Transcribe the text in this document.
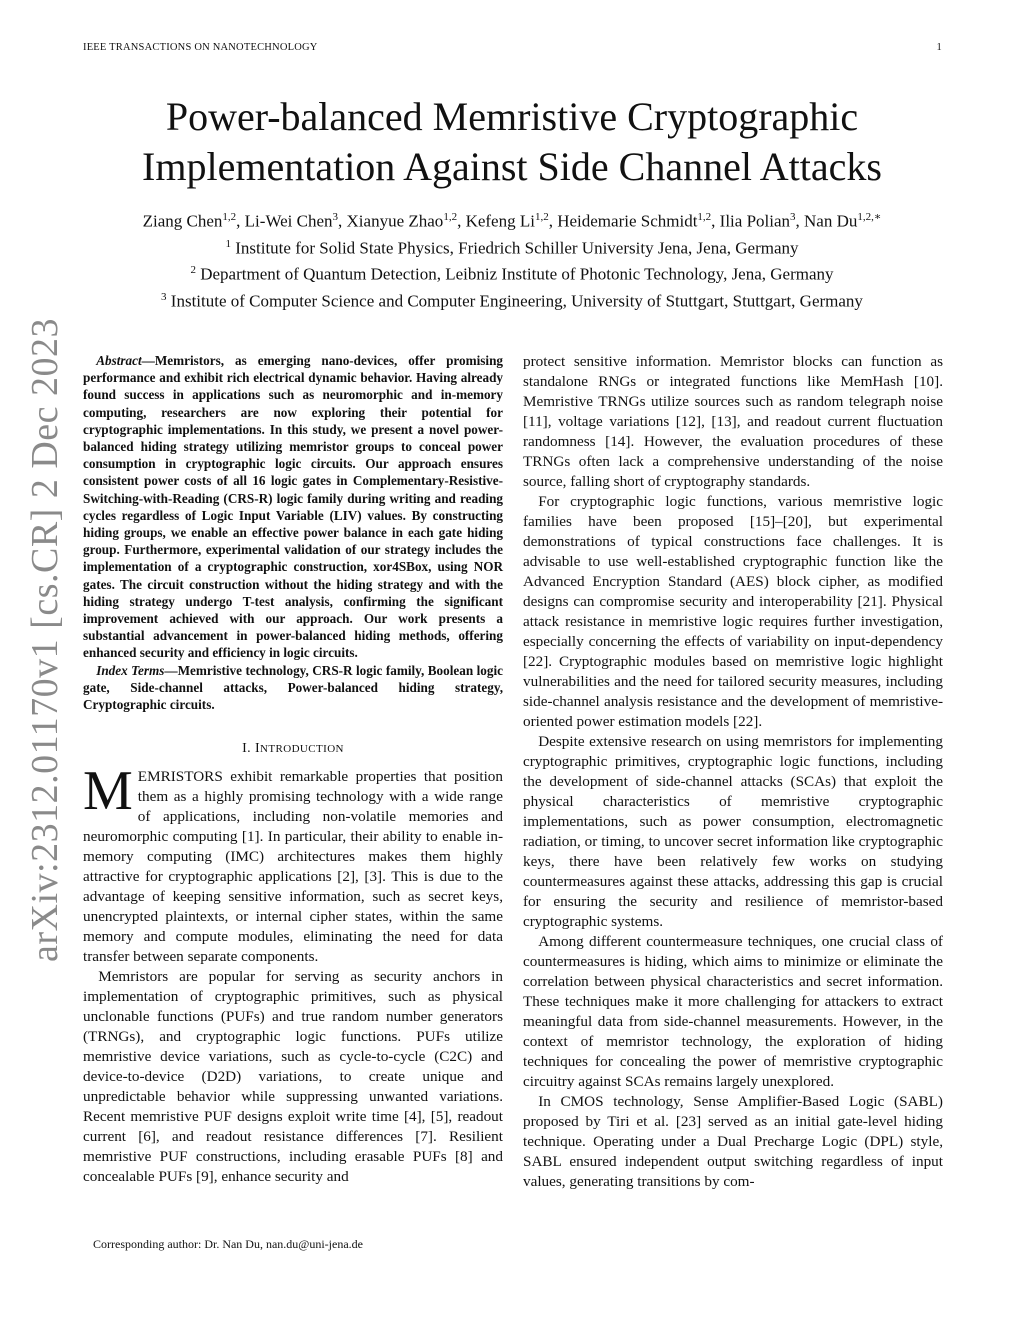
IEEE TRANSACTIONS ON NANOTECHNOLOGY	1
arXiv:2312.01170v1 [cs.CR] 2 Dec 2023
Power-balanced Memristive Cryptographic
Implementation Against Side Channel Attacks
Ziang Chen$^{1,2}$, Li-Wei Chen$^3$, Xianyue Zhao$^{1,2}$, Kefeng Li$^{1,2}$, Heidemarie Schmidt$^{1,2}$, Ilia Polian$^3$, Nan $Du^{1,2,∗}$
$^1$ Institute for Solid State Physics, Friedrich Schiller University Jena, Jena, Germany
$^2$ Department of Quantum Detection, Leibniz Institute of Photonic Technology, Jena, Germany
$^3$ Institute of Computer Science and Computer Engineering, University of Stuttgart, Stuttgart, Germany

Abstract—Memristors, as emerging nano-devices, offer promising performance and exhibit rich electrical dynamic behavior. Having already found success in applications such as neuromorphic and in-memory computing, researchers are now exploring their potential for cryptographic implementations. In this study, we present a novel power-balanced hiding strategy utilizing memristor groups to conceal power consumption in cryptographic logic circuits. Our approach ensures consistent power costs of all 16 logic gates in Complementary-Resistive-Switching-with-Reading (CRS-R) logic family during writing and reading cycles regardless of Logic Input Variable (LIV) values. By constructing hiding groups, we enable an effective power balance in each gate hiding group. Furthermore, experimental validation of our strategy includes the implementation of a cryptographic construction, xor4SBox, using NOR gates. The circuit construction without the hiding strategy and with the hiding strategy undergo T-test analysis, confirming the significant improvement achieved with our approach. Our work presents a substantial advancement in power-balanced hiding methods, offering enhanced security and efficiency in logic circuits.

Index Terms—Memristive technology, CRS-R logic family, Boolean logic gate, Side-channel attacks, Power-balanced hiding strategy, Cryptographic circuits.

I. INTRODUCTION

MEMRISTORS exhibit remarkable properties that position them as a highly promising technology with a wide range of applications, including non-volatile memories and neuromorphic computing [1]. In particular, their ability to enable in-memory computing (IMC) architectures makes them highly attractive for cryptographic applications [2], [3]. This is due to the advantage of keeping sensitive information, such as secret keys, unencrypted plaintexts, or internal cipher states, within the same memory and compute modules, eliminating the need for data transfer between separate components.

Memristors are popular for serving as security anchors in implementation of cryptographic primitives, such as physical unclonable functions (PUFs) and true random number generators (TRNGs), and cryptographic logic functions. PUFs utilize memristive device variations, such as cycle-to-cycle (C2C) and device-to-device (D2D) variations, to create unique and unpredictable behavior while suppressing unwanted variations. Recent memristive PUF designs exploit write time [4], [5], readout current [6], and readout resistance differences [7]. Resilient memristive PUF constructions, including erasable PUFs [8] and concealable PUFs [9], enhance security and

protect sensitive information. Memristor blocks can function as standalone RNGs or integrated functions like MemHash [10]. Memristive TRNGs utilize sources such as random telegraph noise [11], voltage variations [12], [13], and readout current fluctuation randomness [14]. However, the evaluation procedures of these TRNGs often lack a comprehensive understanding of the noise source, falling short of cryptography standards.

For cryptographic logic functions, various memristive logic families have been proposed [15]–[20], but experimental demonstrations of typical constructions face challenges. It is advisable to use well-established cryptographic function like the Advanced Encryption Standard (AES) block cipher, as modified designs can compromise security and interoperability [21]. Physical attack resistance in memristive logic requires further investigation, especially concerning the effects of variability on input-dependency [22]. Cryptographic modules based on memristive logic highlight vulnerabilities and the need for tailored security measures, including side-channel analysis resistance and the development of memristive-oriented power estimation models [22].

Despite extensive research on using memristors for implementing cryptographic primitives, cryptographic logic functions, including the development of side-channel attacks (SCAs) that exploit the physical characteristics of memristive cryptographic implementations, such as power consumption, electromagnetic radiation, or timing, to uncover secret information like cryptographic keys, there have been relatively few works on studying countermeasures against these attacks, addressing this gap is crucial for ensuring the security and resilience of memristor-based cryptographic systems.

Among different countermeasure techniques, one crucial class of countermeasures is hiding, which aims to minimize or eliminate the correlation between physical characteristics and secret information. These techniques make it more challenging for attackers to extract meaningful data from side-channel measurements. However, in the context of memristor technology, the exploration of hiding techniques for concealing the power of memristive cryptographic circuitry against SCAs remains largely unexplored.

In CMOS technology, Sense Amplifier-Based Logic (SABL) proposed by Tiri et al. [23] served as an initial gate-level hiding technique. Operating under a Dual Precharge Logic (DPL) style, SABL ensured independent output switching regardless of input values, generating transitions by com-

Corresponding author: Dr. Nan Du, nan.du@uni-jena.de
